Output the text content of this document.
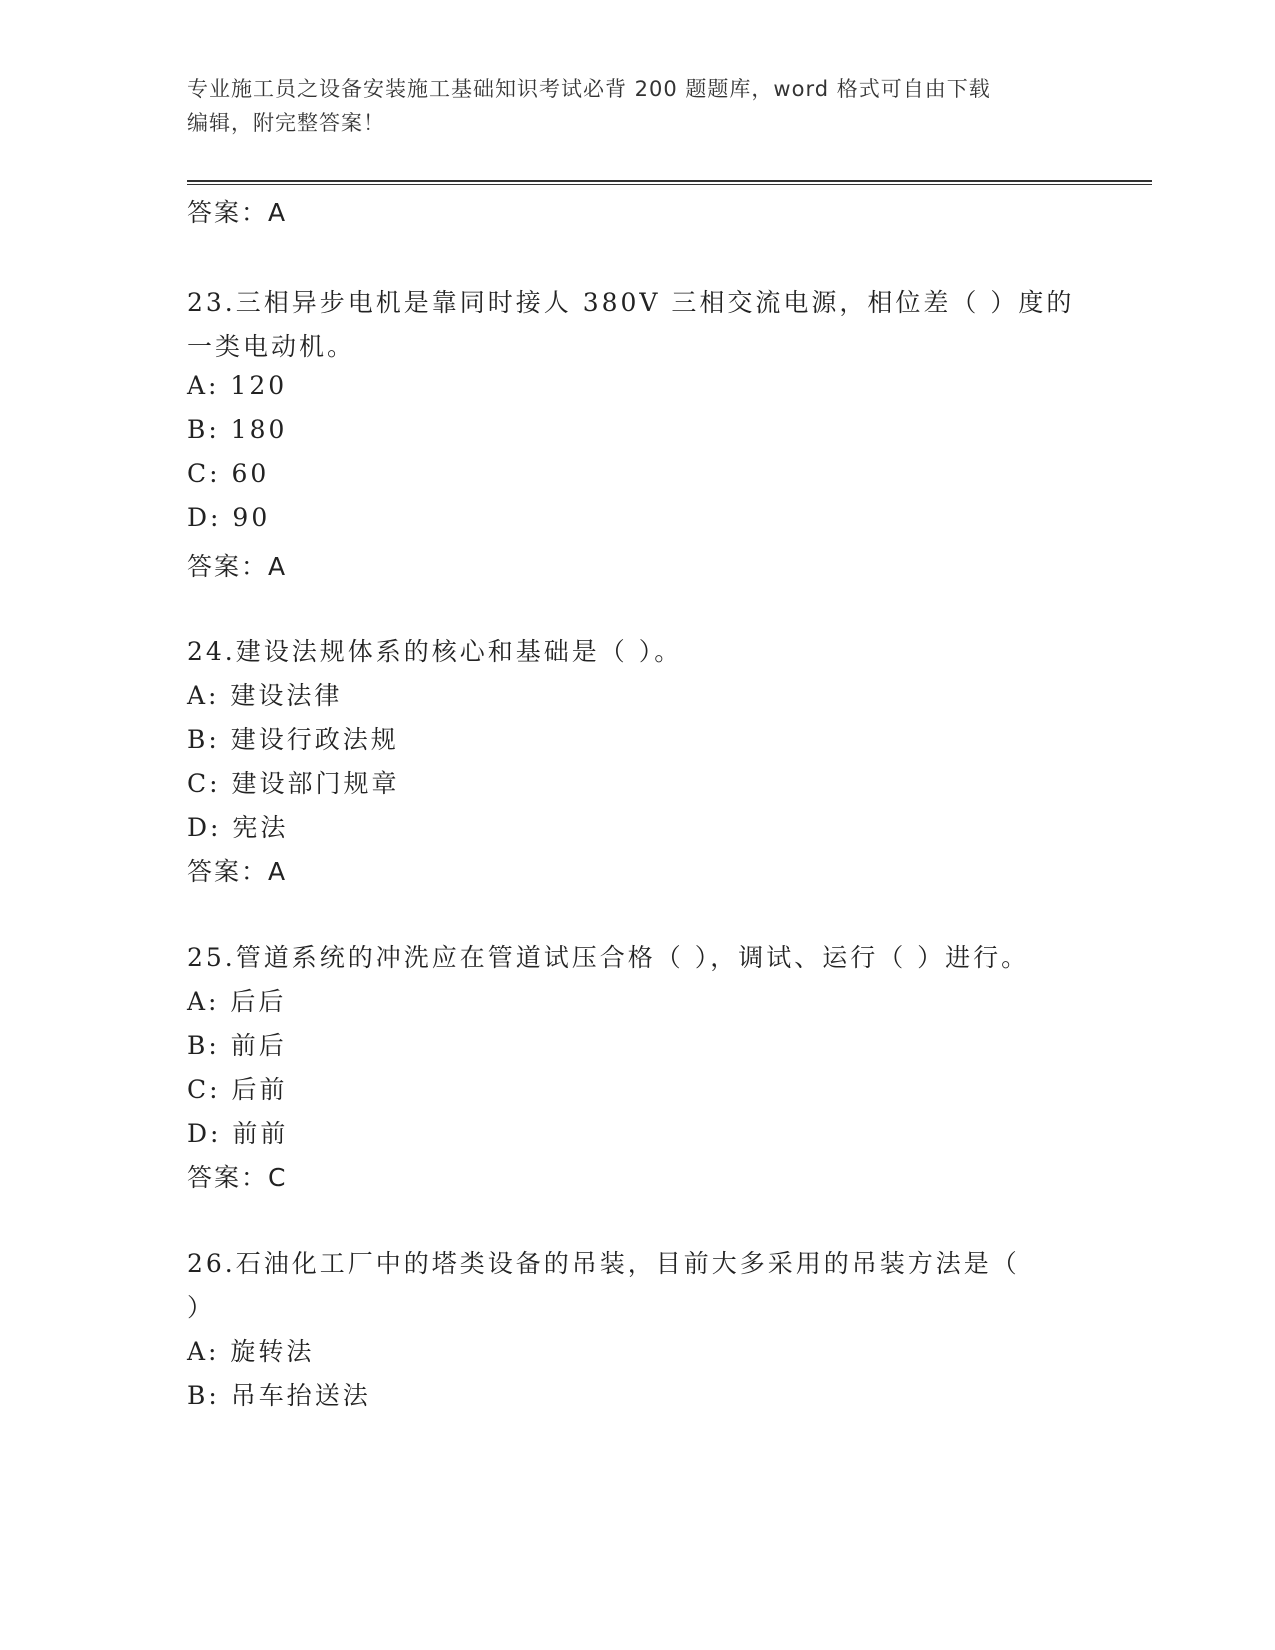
专业施工员之设备安装施工基础知识考试必背 200 题题库，word 格式可自由下载
编辑，附完整答案！
答案：A
23.三相异步电机是靠同时接人 380V 三相交流电源，相位差（ ）度的
一类电动机。
A: 120
B: 180
C: 60
D: 90
答案：A
24.建设法规体系的核心和基础是（ ）。
A: 建设法律
B: 建设行政法规
C: 建设部门规章
D: 宪法
答案：A
25.管道系统的冲洗应在管道试压合格（ ），调试、运行（ ）进行。
A: 后后
B: 前后
C: 后前
D: 前前
答案：C
26.石油化工厂中的塔类设备的吊装，目前大多采用的吊装方法是（
）
A: 旋转法
B: 吊车抬送法
